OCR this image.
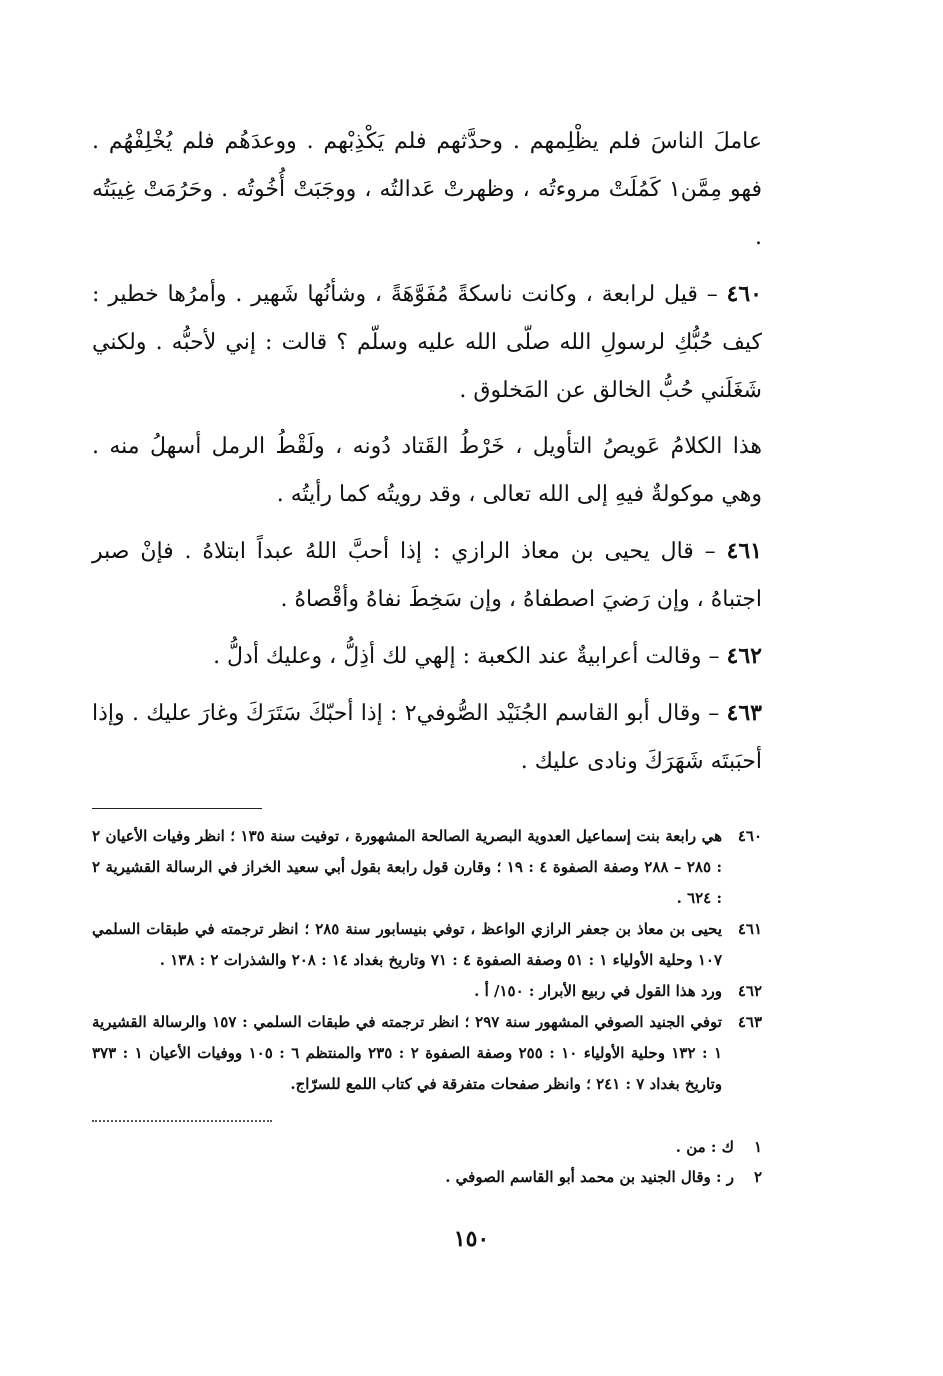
عاملَ الناسَ فلم يظْلِمهم . وحدَّثهم فلم يَكْذِبْهم . ووعدَهُم فلم يُخْلِفْهُم . فهو مِمَّن١ كَمُلَتْ مروءتُه ، وظهرتْ عَدالتُه ، ووجَبَتْ أُخُوتُه . وحَرُمَتْ غِيبَتُه .

٤٦٠ – قيل لرابعة ، وكانت ناسكةً مُفَوَّهَةً ، وشأنُها شَهير . وأمرُها خطير : كيف حُبُّكِ لرسولِ الله صلّى الله عليه وسلّم ؟ قالت : إني لأحبُّه . ولكني شَغَلَني حُبُّ الخالق عن المَخلوق .

هذا الكلامُ عَويصُ التأويل ، خَرْطُ القَتاد دُونه ، ولَقْطُ الرمل أسهلُ منه . وهي موكولةٌ فيهِ إلى الله تعالى ، وقد رويتُه كما رأيتُه .

٤٦١ – قال يحيى بن معاذ الرازي : إذا أحبَّ اللهُ عبداً ابتلاهُ . فإنْ صبر اجتباهُ ، وإن رَضيَ اصطفاهُ ، وإن سَخِطَ نفاهُ وأقْصاهُ .

٤٦٢ – وقالت أعرابيةٌ عند الكعبة : إلهي لك أذِلُّ ، وعليك أدلُّ .

٤٦٣ – وقال أبو القاسم الجُنَيْد الصُّوفي٢ : إذا أحبّكَ سَتَرَكَ وغارَ عليك . وإذا أحبَبتَه شَهَرَكَ ونادى عليك .

٤٦٠
هي رابعة بنت إسماعيل العدوية البصرية الصالحة المشهورة ، توفيت سنة ١٣٥ ؛ انظر وفيات الأعيان ٢ : ٢٨٥ – ٢٨٨ وصفة الصفوة ٤ : ١٩ ؛ وقارن قول رابعة بقول أبي سعيد الخراز في الرسالة القشيرية ٢ : ٦٢٤ .
٤٦١
يحيى بن معاذ بن جعفر الرازي الواعظ ، توفي بنيسابور سنة ٢٨٥ ؛ انظر ترجمته في طبقات السلمي ١٠٧ وحلية الأولياء ١ : ٥١ وصفة الصفوة ٤ : ٧١ وتاريخ بغداد ١٤ : ٢٠٨ والشذرات ٢ : ١٣٨ .
٤٦٢
ورد هذا القول في ربيع الأبرار : ١٥٠/ أ .
٤٦٣
توفي الجنيد الصوفي المشهور سنة ٢٩٧ ؛ انظر ترجمته في طبقات السلمي : ١٥٧ والرسالة القشيرية ١ : ١٣٢ وحلية الأولياء ١٠ : ٢٥٥ وصفة الصفوة ٢ : ٢٣٥ والمنتظم ٦ : ١٠٥ ووفيات الأعيان ١ : ٣٧٣ وتاريخ بغداد ٧ : ٢٤١ ؛ وانظر صفحات متفرقة في كتاب اللمع للسرّاج.
١
ك : من .
٢
ر : وقال الجنيد بن محمد أبو القاسم الصوفي .
١٥٠
